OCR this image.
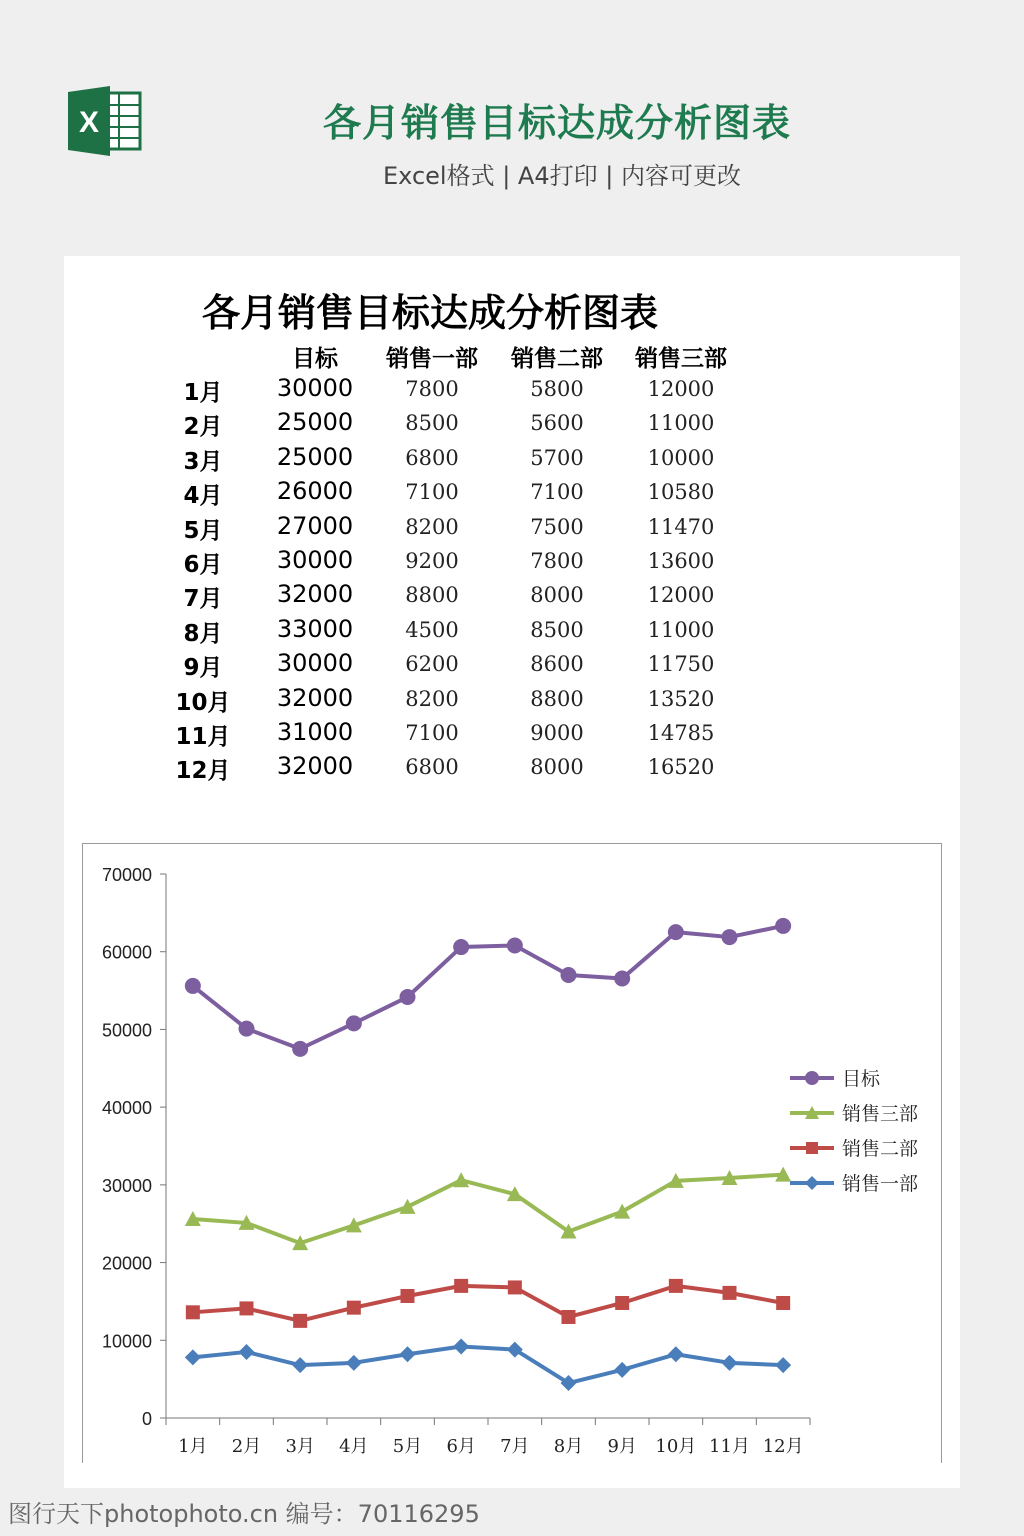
X	各月销售目标达成分析图表
Excel格式 | A4打印 | 内容可更改
各月销售目标达成分析图表
目标	销售一部	销售二部	销售三部
1月	30000	7800	5800	12000
2月	25000	8500	5600	11000
3月	25000	6800	5700	10000
4月	26000	7100	7100	10580
5月	27000	8200	7500	11470
6月	30000	9200	7800	13600
7月	32000	8800	8000	12000
8月	33000	4500	8500	11000
9月	30000	6200	8600	11750
10月	32000	8200	8800	13520
11月	31000	7100	9000	14785
12月	32000	6800	8000	16520
0
10000
20000
30000
40000
50000
60000
70000
1月 2月 3月 4月 5月 6月 7月 8月 9月 10月 11月 12月
目标
销售三部
销售二部
销售一部
图行天下photophoto.cn 编号：70116295
